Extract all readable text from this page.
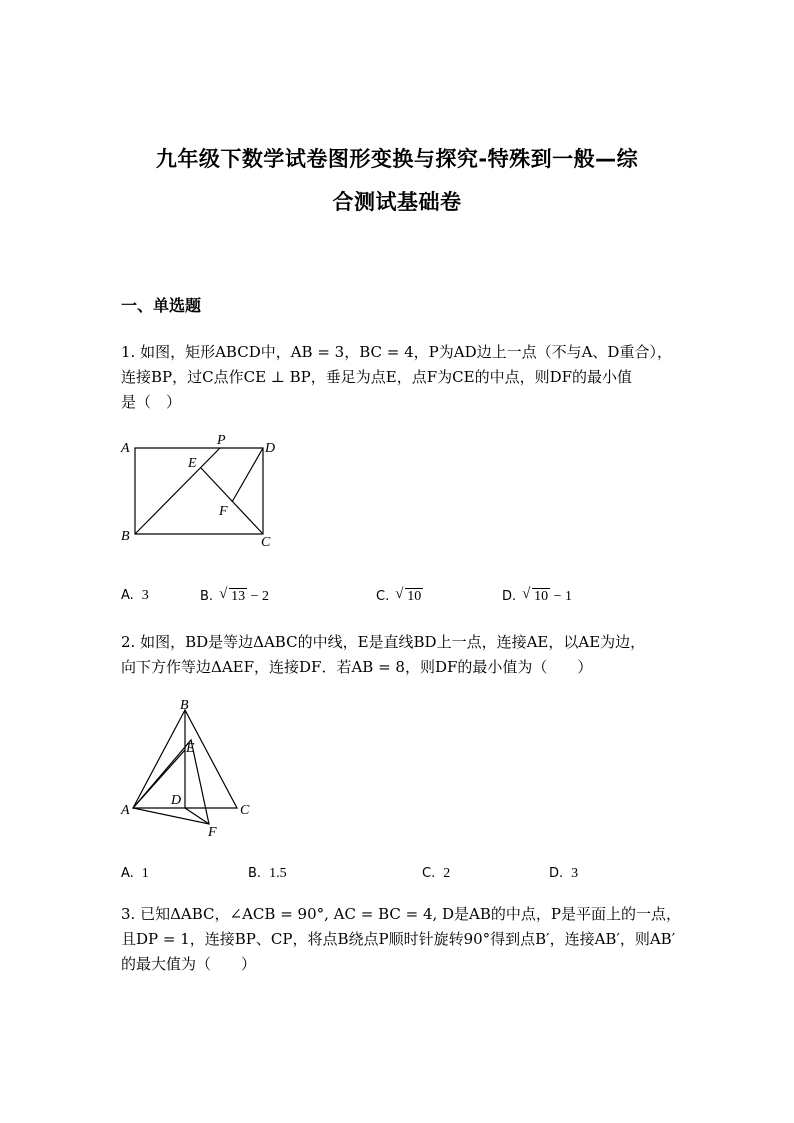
九年级下数学试卷图形变换与探究-特殊到一般—综
合测试基础卷
一、单选题
1. 如图，矩形ABCD中，AB = 3，BC = 4，P为AD边上一点（不与A、D重合），
连接BP，过C点作CE ⊥ BP，垂足为点E，点F为CE的中点，则DF的最小值
是（　）
A
P
D
E
F
B	C
A. 3	B. √ 13 − 2	C. √ 10	D. √ 10 − 1
2. 如图，BD是等边ΔABC的中线，E是直线BD上一点，连接AE，以AE为边，
向下方作等边ΔAEF，连接DF．若AB = 8，则DF的最小值为（　　）
B
E
D
A	C
F
A. 1	B. 1.5	C. 2	D. 3
3. 已知ΔABC，∠ACB = 90°, AC = BC = 4, D是AB的中点，P是平面上的一点，
且DP = 1，连接BP、CP，将点B绕点P顺时针旋转90°得到点B′，连接AB′，则AB′
的最大值为（　　）
